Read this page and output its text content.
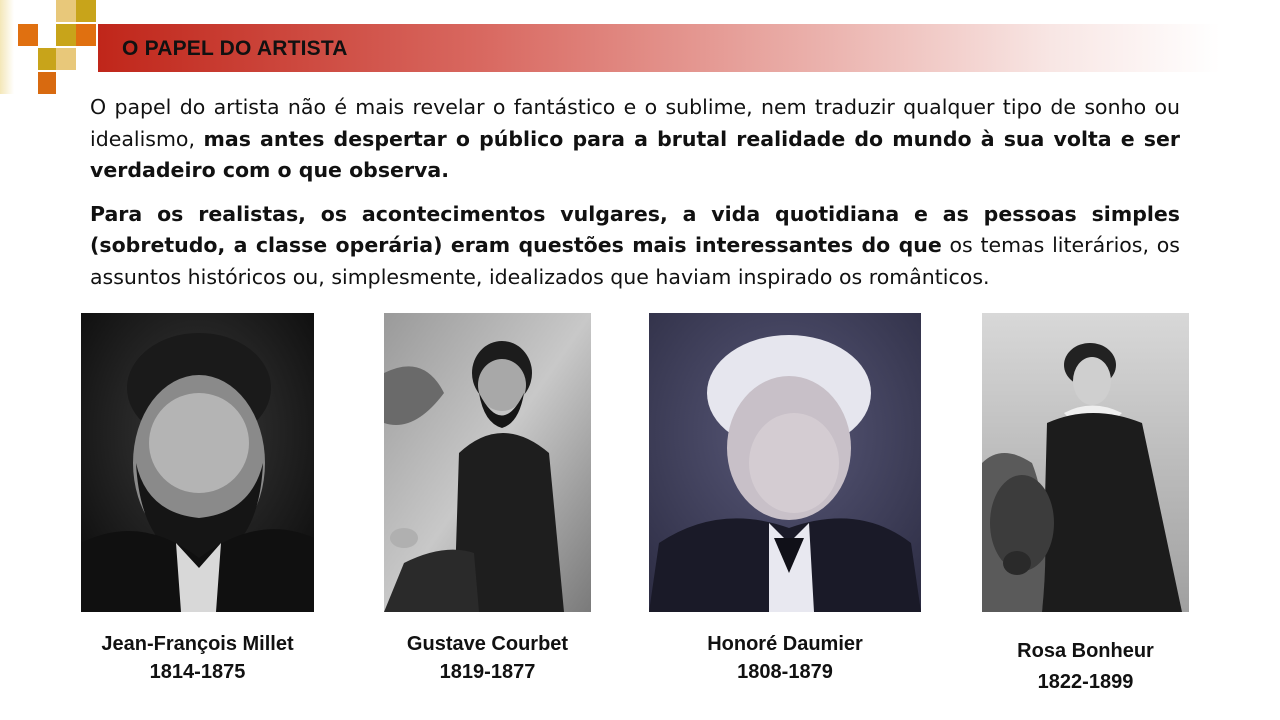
O PAPEL DO ARTISTA

O papel do artista não é mais revelar o fantástico e o sublime, nem traduzir qualquer tipo de sonho ou idealismo, mas antes despertar o público para a brutal realidade do mundo à sua volta e ser verdadeiro com o que observa.

Para os realistas, os acontecimentos vulgares, a vida quotidiana e as pessoas simples (sobretudo, a classe operária) eram questões mais interessantes do que os temas literários, os assuntos históricos ou, simplesmente, idealizados que haviam inspirado os românticos.

Jean-François Millet
1814-1875
Gustave Courbet
1819-1877
Honoré Daumier
1808-1879
Rosa Bonheur
1822-1899
